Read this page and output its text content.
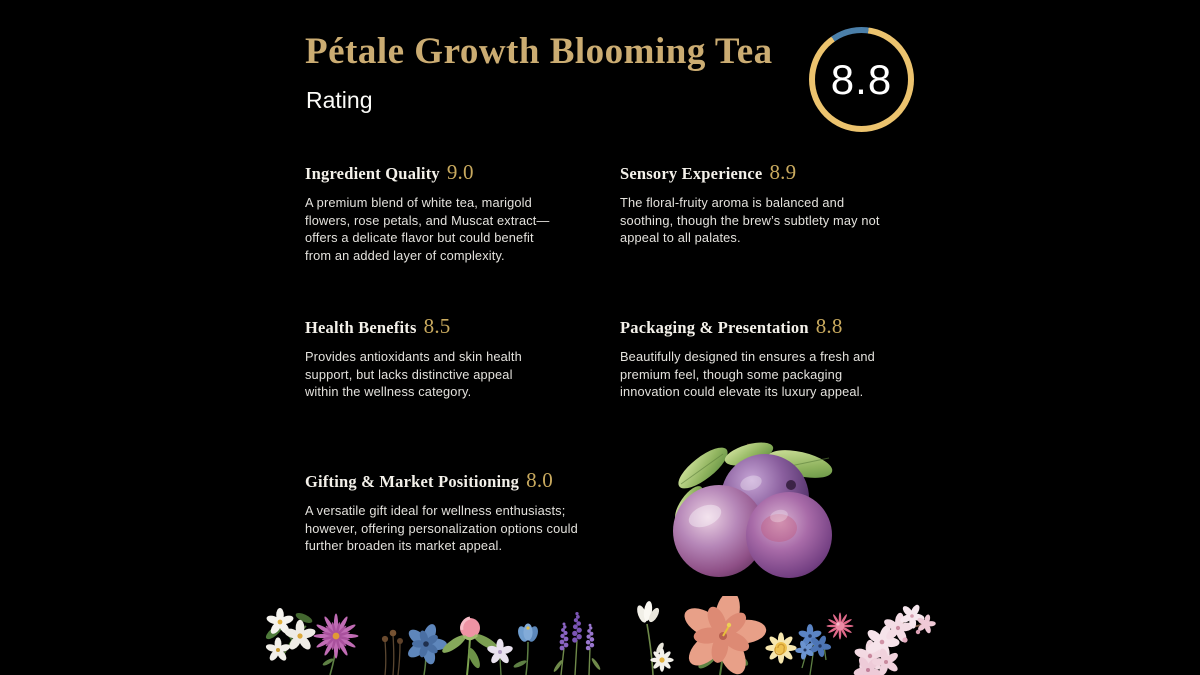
Pétale Growth Blooming Tea
Rating	8.8
Ingredient Quality 9.0

A premium blend of white tea, marigold flowers, rose petals, and Muscat extract—offers a delicate flavor but could benefit from an added layer of complexity.

Sensory Experience 8.9

The floral-fruity aroma is balanced and soothing, though the brew’s subtlety may not appeal to all palates.

Health Benefits 8.5

Provides antioxidants and skin health support, but lacks distinctive appeal within the wellness category.

Packaging & Presentation 8.8

Beautifully designed tin ensures a fresh and premium feel, though some packaging innovation could elevate its luxury appeal.

Gifting & Market Positioning 8.0

A versatile gift ideal for wellness enthusiasts; however, offering personalization options could further broaden its market appeal.
